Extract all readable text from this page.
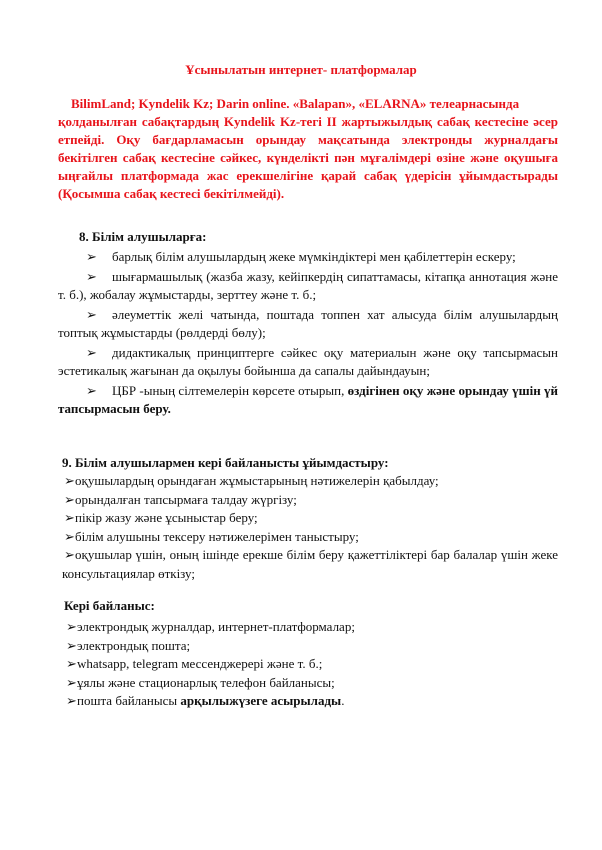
Ұсынылатын интернет- платформалар

BilimLand; Kyndelik Kz; Darin online. «Balapan», «ELARNA» телеарнасында
қолданылған сабақтардың Kyndelik Kz-тегі II жартыжылдық сабақ кестесіне әсер етпейді. Оқу бағдарламасын орындау мақсатында электронды журналдағы бекітілген сабақ кестесіне сәйкес, күнделікті пән мұғалімдері өзіне және оқушыға ыңғайлы платформада жас ерекшелігіне қарай сабақ үдерісін ұйымдастырады (Қосымша сабақ кестесі бекітілмейді).

8. Білім алушыларға:
➢ барлық білім алушылардың жеке мүмкіндіктері мен қабілеттерін ескеру;
➢ шығармашылық (жазба жазу, кейіпкердің сипаттамасы, кітапқа аннотация және т. б.), жобалау жұмыстарды, зерттеу және т. б.;
➢ әлеуметтік желі чатында, поштада топпен хат алысуда білім алушылардың топтық жұмыстарды (рөлдерді бөлу);
➢ дидактикалық принциптерге сәйкес оқу материалын және оқу тапсырмасын эстетикалық жағынан да оқылуы бойынша да сапалы дайындауын;
➢ ЦБР -ының сілтемелерін көрсете отырып, өздігінен оқу және орындау үшін үй тапсырмасын беру.
9. Білім алушылармен кері байланысты ұйымдастыру:
➢оқушылардың орындаған жұмыстарының нәтижелерін қабылдау;
➢орындалған тапсырмаға талдау жүргізу;
➢пікір жазу және ұсыныстар беру;
➢білім алушыны тексеру нәтижелерімен таныстыру;
➢оқушылар үшін, оның ішінде ерекше білім беру қажеттіліктері бар балалар үшін жеке консультациялар өткізу;
Кері байланыс:
➢электрондық журналдар, интернет-платформалар;
➢электрондық пошта;
➢whatsapp, telegram мессенджерері және т. б.;
➢ұялы және стационарлық телефон байланысы;
➢пошта байланысы арқылыжүзеге асырылады.
